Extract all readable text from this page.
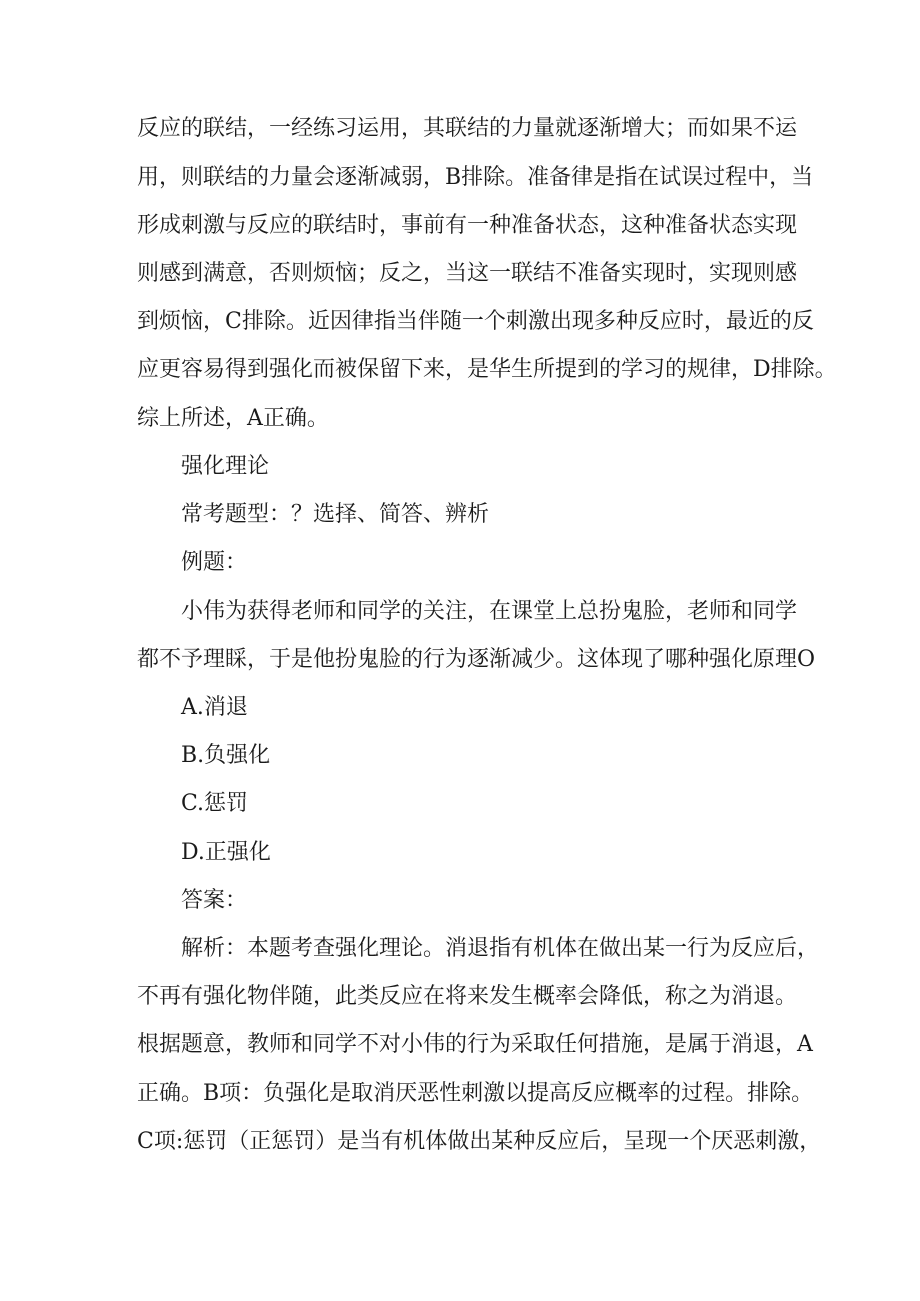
反应的联结，一经练习运用，其联结的力量就逐渐增大；而如果不运
用，则联结的力量会逐渐减弱，B排除。准备律是指在试误过程中，当
形成刺激与反应的联结时，事前有一种准备状态，这种准备状态实现
则感到满意，否则烦恼；反之，当这一联结不准备实现时，实现则感
到烦恼，C排除。近因律指当伴随一个刺激出现多种反应时，最近的反
应更容易得到强化而被保留下来，是华生所提到的学习的规律，D排除。
综上所述，A正确。
强化理论
常考题型：？选择、简答、辨析
例题：
小伟为获得老师和同学的关注，在课堂上总扮鬼脸，老师和同学
都不予理睬，于是他扮鬼脸的行为逐渐减少。这体现了哪种强化原理O
A.消退
B.负强化
C.惩罚
D.正强化
答案：
解析：本题考查强化理论。消退指有机体在做出某一行为反应后，
不再有强化物伴随，此类反应在将来发生概率会降低，称之为消退。
根据题意，教师和同学不对小伟的行为采取任何措施，是属于消退，A
正确。B项：负强化是取消厌恶性刺激以提高反应概率的过程。排除。
C项:惩罚（正惩罚）是当有机体做出某种反应后，呈现一个厌恶刺激，
